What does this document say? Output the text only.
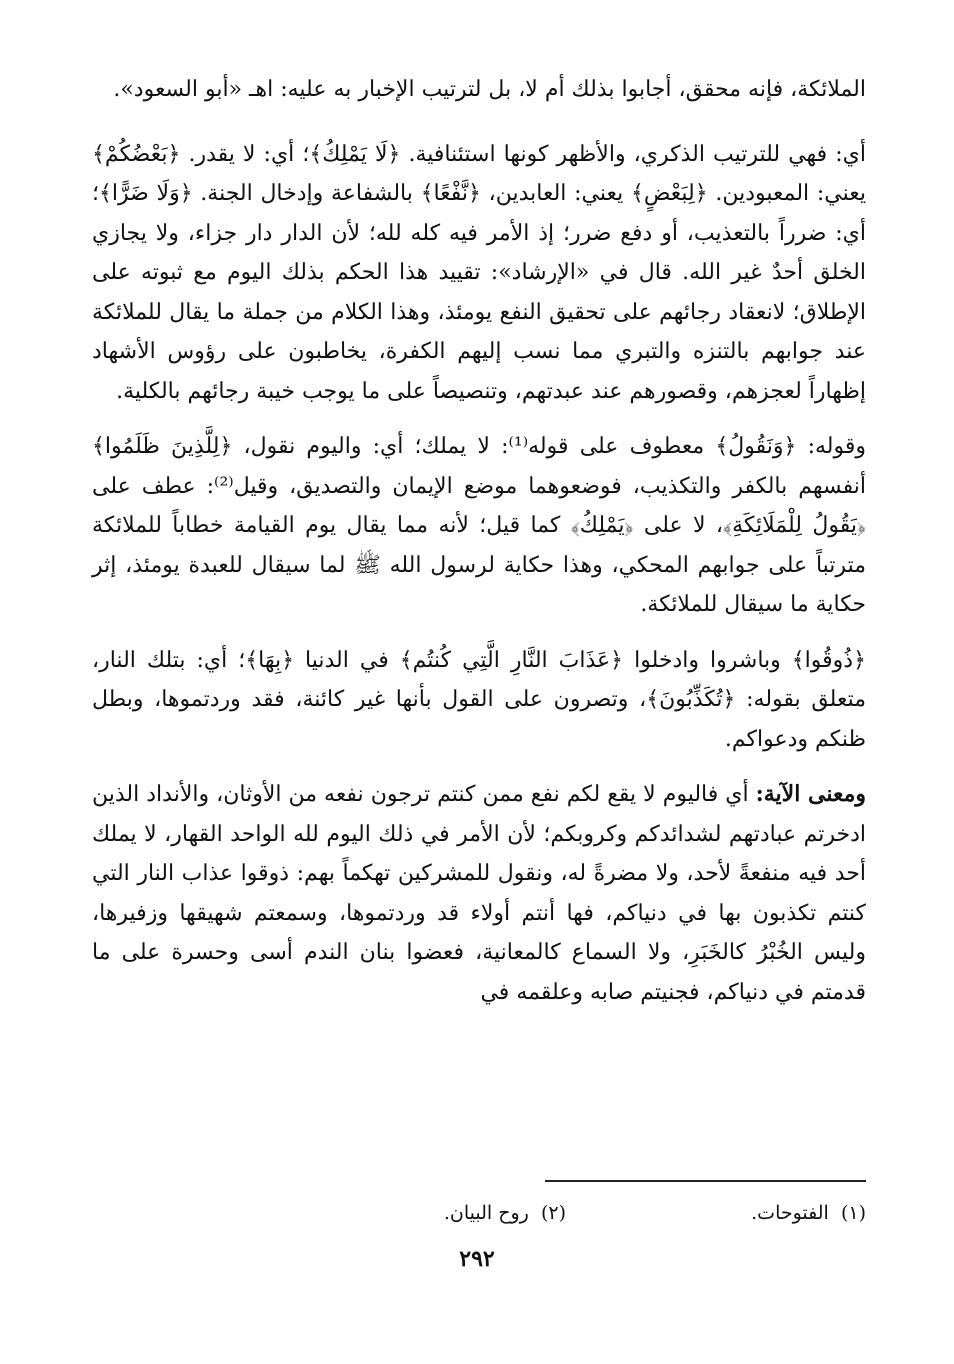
الملائكة، فإنه محقق، أجابوا بذلك أم لا، بل لترتيب الإخبار به عليه: اهـ «أبو السعود».

أي: فهي للترتيب الذكري، والأظهر كونها استئنافية. ﴿لَا يَمْلِكُ﴾؛ أي: لا يقدر. ﴿بَعْضُكُمْ﴾ يعني: المعبودين. ﴿لِبَعْضٍ﴾ يعني: العابدين، ﴿نَّفْعًا﴾ بالشفاعة وإدخال الجنة. ﴿وَلَا ضَرًّا﴾؛ أي: ضرراً بالتعذيب، أو دفع ضرر؛ إذ الأمر فيه كله لله؛ لأن الدار دار جزاء، ولا يجازي الخلق أحدٌ غير الله. قال في «الإرشاد»: تقييد هذا الحكم بذلك اليوم مع ثبوته على الإطلاق؛ لانعقاد رجائهم على تحقيق النفع يومئذ، وهذا الكلام من جملة ما يقال للملائكة عند جوابهم بالتنزه والتبري مما نسب إليهم الكفرة، يخاطبون على رؤوس الأشهاد إظهاراً لعجزهم، وقصورهم عند عبدتهم، وتنصيصاً على ما يوجب خيبة رجائهم بالكلية.

وقوله: ﴿وَنَقُولُ﴾ معطوف على قوله⁽¹⁾: لا يملك؛ أي: واليوم نقول، ﴿لِلَّذِينَ ظَلَمُوا﴾ أنفسهم بالكفر والتكذيب، فوضعوهما موضع الإيمان والتصديق، وقيل⁽²⁾: عطف على ﴿يَقُولُ لِلْمَلَائِكَةِ﴾، لا على ﴿يَمْلِكُ﴾ كما قيل؛ لأنه مما يقال يوم القيامة خطاباً للملائكة مترتباً على جوابهم المحكي، وهذا حكاية لرسول الله ﷺ لما سيقال للعبدة يومئذ، إثر حكاية ما سيقال للملائكة.

﴿ذُوقُوا﴾ وباشروا وادخلوا ﴿عَذَابَ النَّارِ الَّتِي كُنتُم﴾ في الدنيا ﴿بِهَا﴾؛ أي: بتلك النار، متعلق بقوله: ﴿تُكَذِّبُونَ﴾، وتصرون على القول بأنها غير كائنة، فقد وردتموها، وبطل ظنكم ودعواكم.

ومعنى الآية: أي فاليوم لا يقع لكم نفع ممن كنتم ترجون نفعه من الأوثان، والأنداد الذين ادخرتم عبادتهم لشدائدكم وكروبكم؛ لأن الأمر في ذلك اليوم لله الواحد القهار، لا يملك أحد فيه منفعةً لأحد، ولا مضرةً له، ونقول للمشركين تهكماً بهم: ذوقوا عذاب النار التي كنتم تكذبون بها في دنياكم، فها أنتم أولاء قد وردتموها، وسمعتم شهيقها وزفيرها، وليس الخُبْرُ كالخَبَرِ، ولا السماع كالمعانية، فعضوا بنان الندم أسى وحسرة على ما قدمتم في دنياكم، فجنيتم صابه وعلقمه في

(١)  الفتوحات.
(٢)  روح البيان.
٢٩٢
